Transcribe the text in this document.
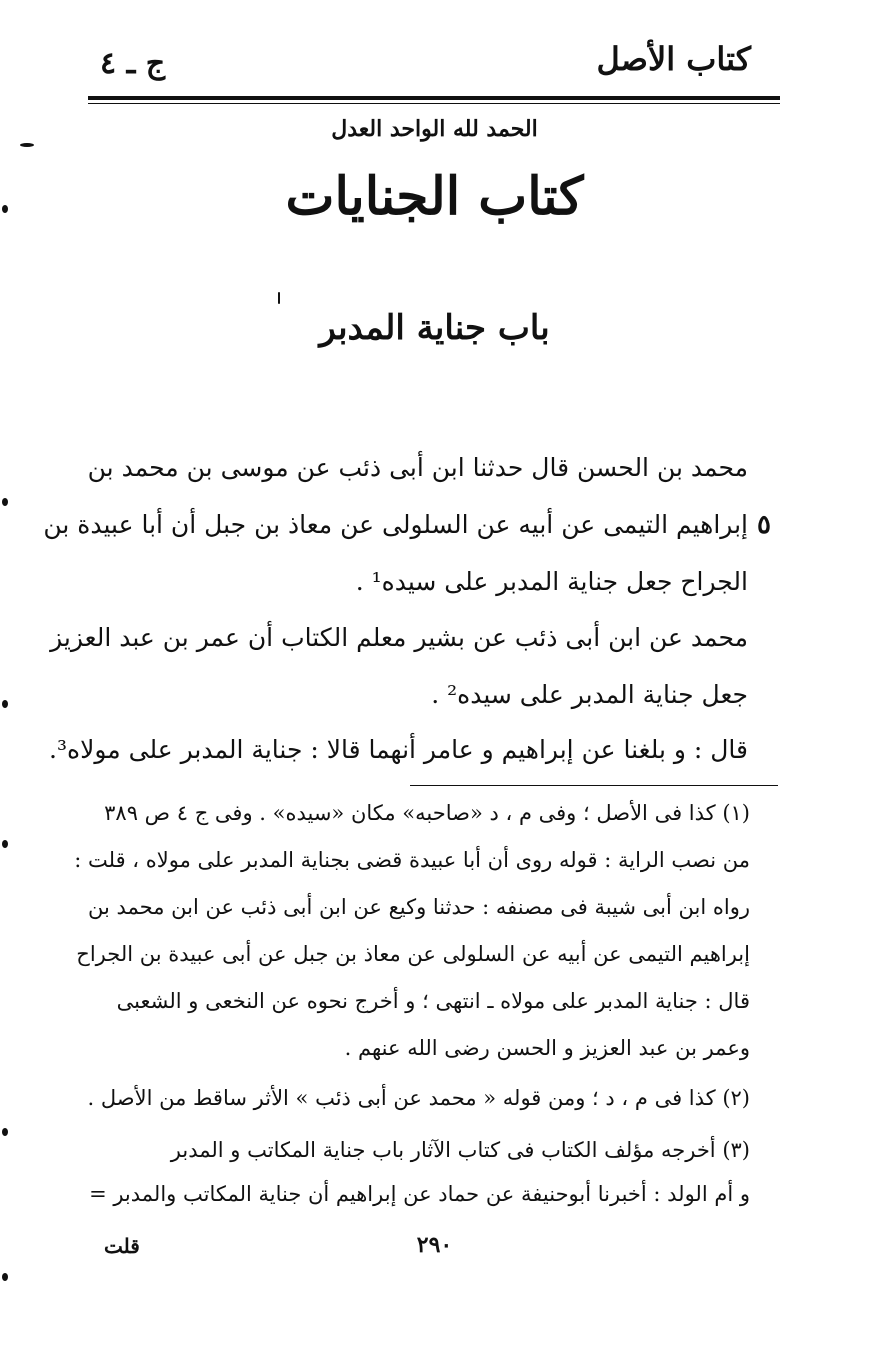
ج ـ ٤	كتاب الأصل
الحمد لله الواحد العدل
كتاب الجنايات
باب جناية المدبر
محمد بن الحسن قال حدثنا ابن أبى ذئب عن موسى بن محمد بن
إبراهيم التيمى عن أبيه عن السلولى عن معاذ بن جبل أن أبا عبيدة بن
الجراح جعل جناية المدبر على سيده¹ .
محمد عن ابن أبى ذئب عن بشير معلم الكتاب أن عمر بن عبد العزيز
جعل جناية المدبر على سيده² .
قال : و بلغنا عن إبراهيم و عامر أنهما قالا : جناية المدبر على مولاه³.
٥
(١) كذا فى الأصل ؛ وفى م ، د «صاحبه» مكان «سيده» . وفى ج ٤ ص ٣٨٩
من نصب الراية : قوله روى أن أبا عبيدة قضى بجناية المدبر على مولاه ، قلت :
رواه ابن أبى شيبة فى مصنفه : حدثنا وكيع عن ابن أبى ذئب عن ابن محمد بن
إبراهيم التيمى عن أبيه عن السلولى عن معاذ بن جبل عن أبى عبيدة بن الجراح
قال : جناية المدبر على مولاه ـ انتهى ؛ و أخرج نحوه عن النخعى و الشعبى
وعمر بن عبد العزيز و الحسن رضى الله عنهم .
(٢) كذا فى م ، د ؛ ومن قوله « محمد عن أبى ذئب » الأثر ساقط من الأصل .
(٣) أخرجه مؤلف الكتاب فى كتاب الآثار باب جناية المكاتب و المدبر
و أم الولد : أخبرنا أبوحنيفة عن حماد عن إبراهيم أن جناية المكاتب والمدبر =
٢٩٠
قلت
